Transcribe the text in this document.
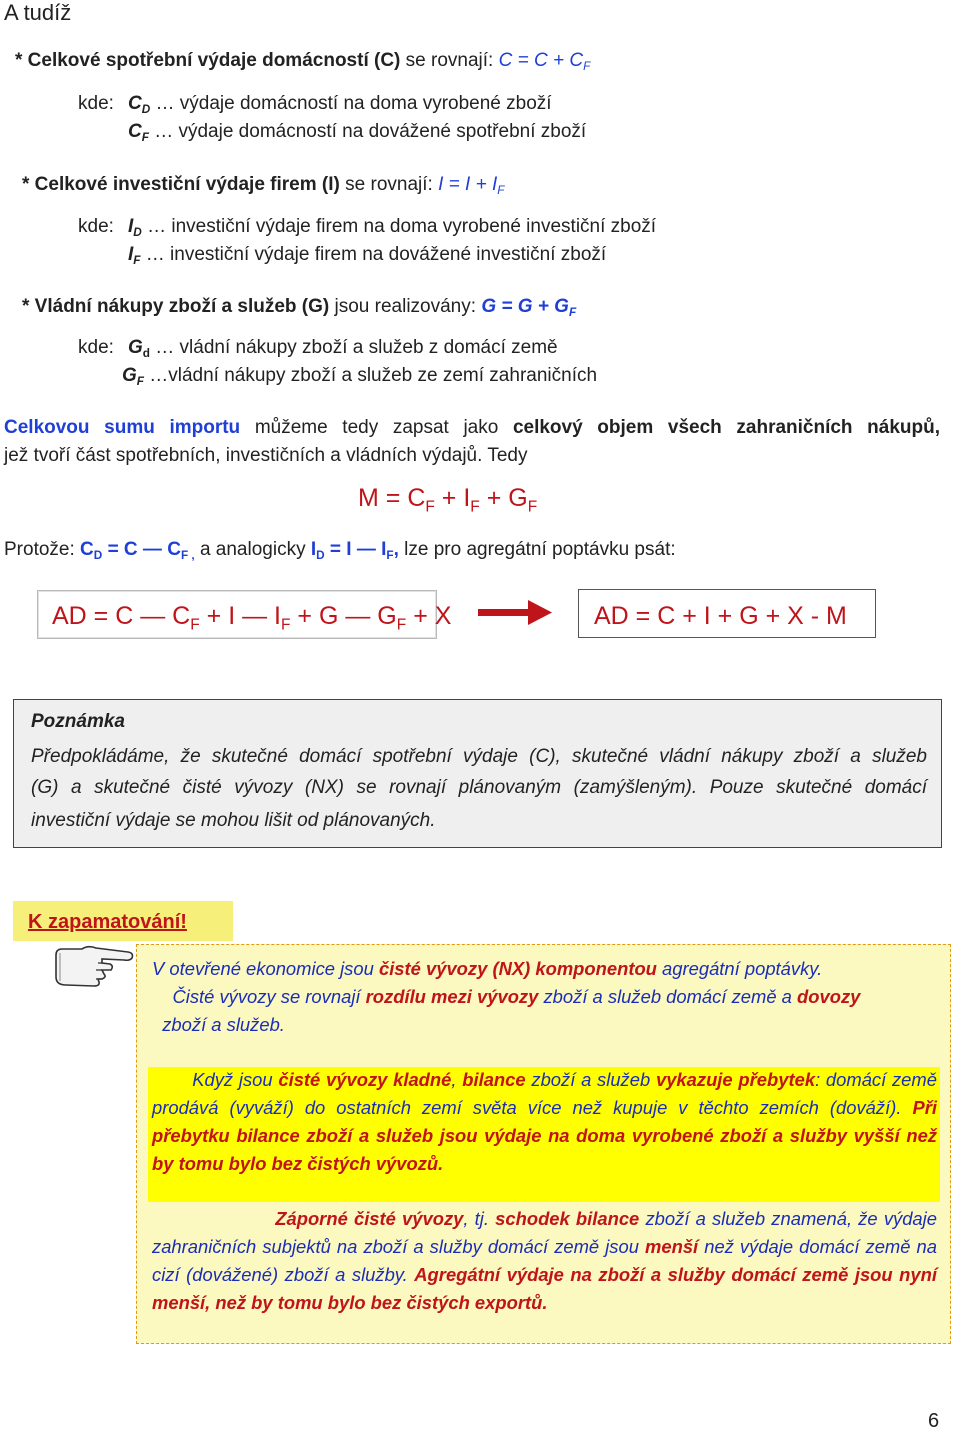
A tudíž
* Celkové spotřební výdaje domácností (C) se rovnají: $C = C + C_F$
kde: $C_D$ … výdaje domácností na doma vyrobené zboží
$C_F$ … výdaje domácností na dovážené spotřební zboží
* Celkové investiční výdaje firem (I) se rovnají: $I = I + I_F$
kde: $I_D$ … investiční výdaje firem na doma vyrobené investiční zboží
$I_F$ … investiční výdaje firem na dovážené investiční zboží
* Vládní nákupy zboží a služeb (G) jsou realizovány: $G = G + G_F$
kde: $G_d$ … vládní nákupy zboží a služeb z domácí země
$G_F$ …vládní nákupy zboží a služeb ze zemí zahraničních
Celkovou sumu importu můžeme tedy zapsat jako celkový objem všech zahraničních nákupů,
jež tvoří část spotřebních, investičních a vládních výdajů. Tedy
$M = C_F + I_F + G_F$
Protože: $C_D = C$ — $C_{F ,}$ a analogicky $I_D = I$ — $I_F$, lze pro agregátní poptávku psát:
AD = C — $C_F + I$ — $I_F + G$ — $G_F + X$	AD = C + I + G + X - M
Poznámka
Předpokládáme, že skutečné domácí spotřební výdaje (C), skutečné vládní nákupy zboží a služeb
(G) a skutečné čisté vývozy (NX) se rovnají plánovaným (zamýšleným). Pouze skutečné domácí
investiční výdaje se mohou lišit od plánovaných.
K zapamatování!
V otevřené ekonomice jsou čisté vývozy (NX) komponentou agregátní poptávky.
Čisté vývozy se rovnají rozdílu mezi vývozy zboží a služeb domácí země a dovozy
zboží a služeb.
Když jsou čisté vývozy kladné, bilance zboží a služeb vykazuje přebytek: domácí země prodává (vyváží) do ostatních zemí světa více než kupuje v těchto zemích (dováží). Při přebytku bilance zboží a služeb jsou výdaje na doma vyrobené zboží a služby vyšší než by tomu bylo bez čistých vývozů.
Záporné čisté vývozy, tj. schodek bilance zboží a služeb znamená, že výdaje zahraničních subjektů na zboží a služby domácí země jsou menší než výdaje domácí země na cizí (dovážené) zboží a služby. Agregátní výdaje na zboží a služby domácí země jsou nyní menší, než by tomu bylo bez čistých exportů.
6
